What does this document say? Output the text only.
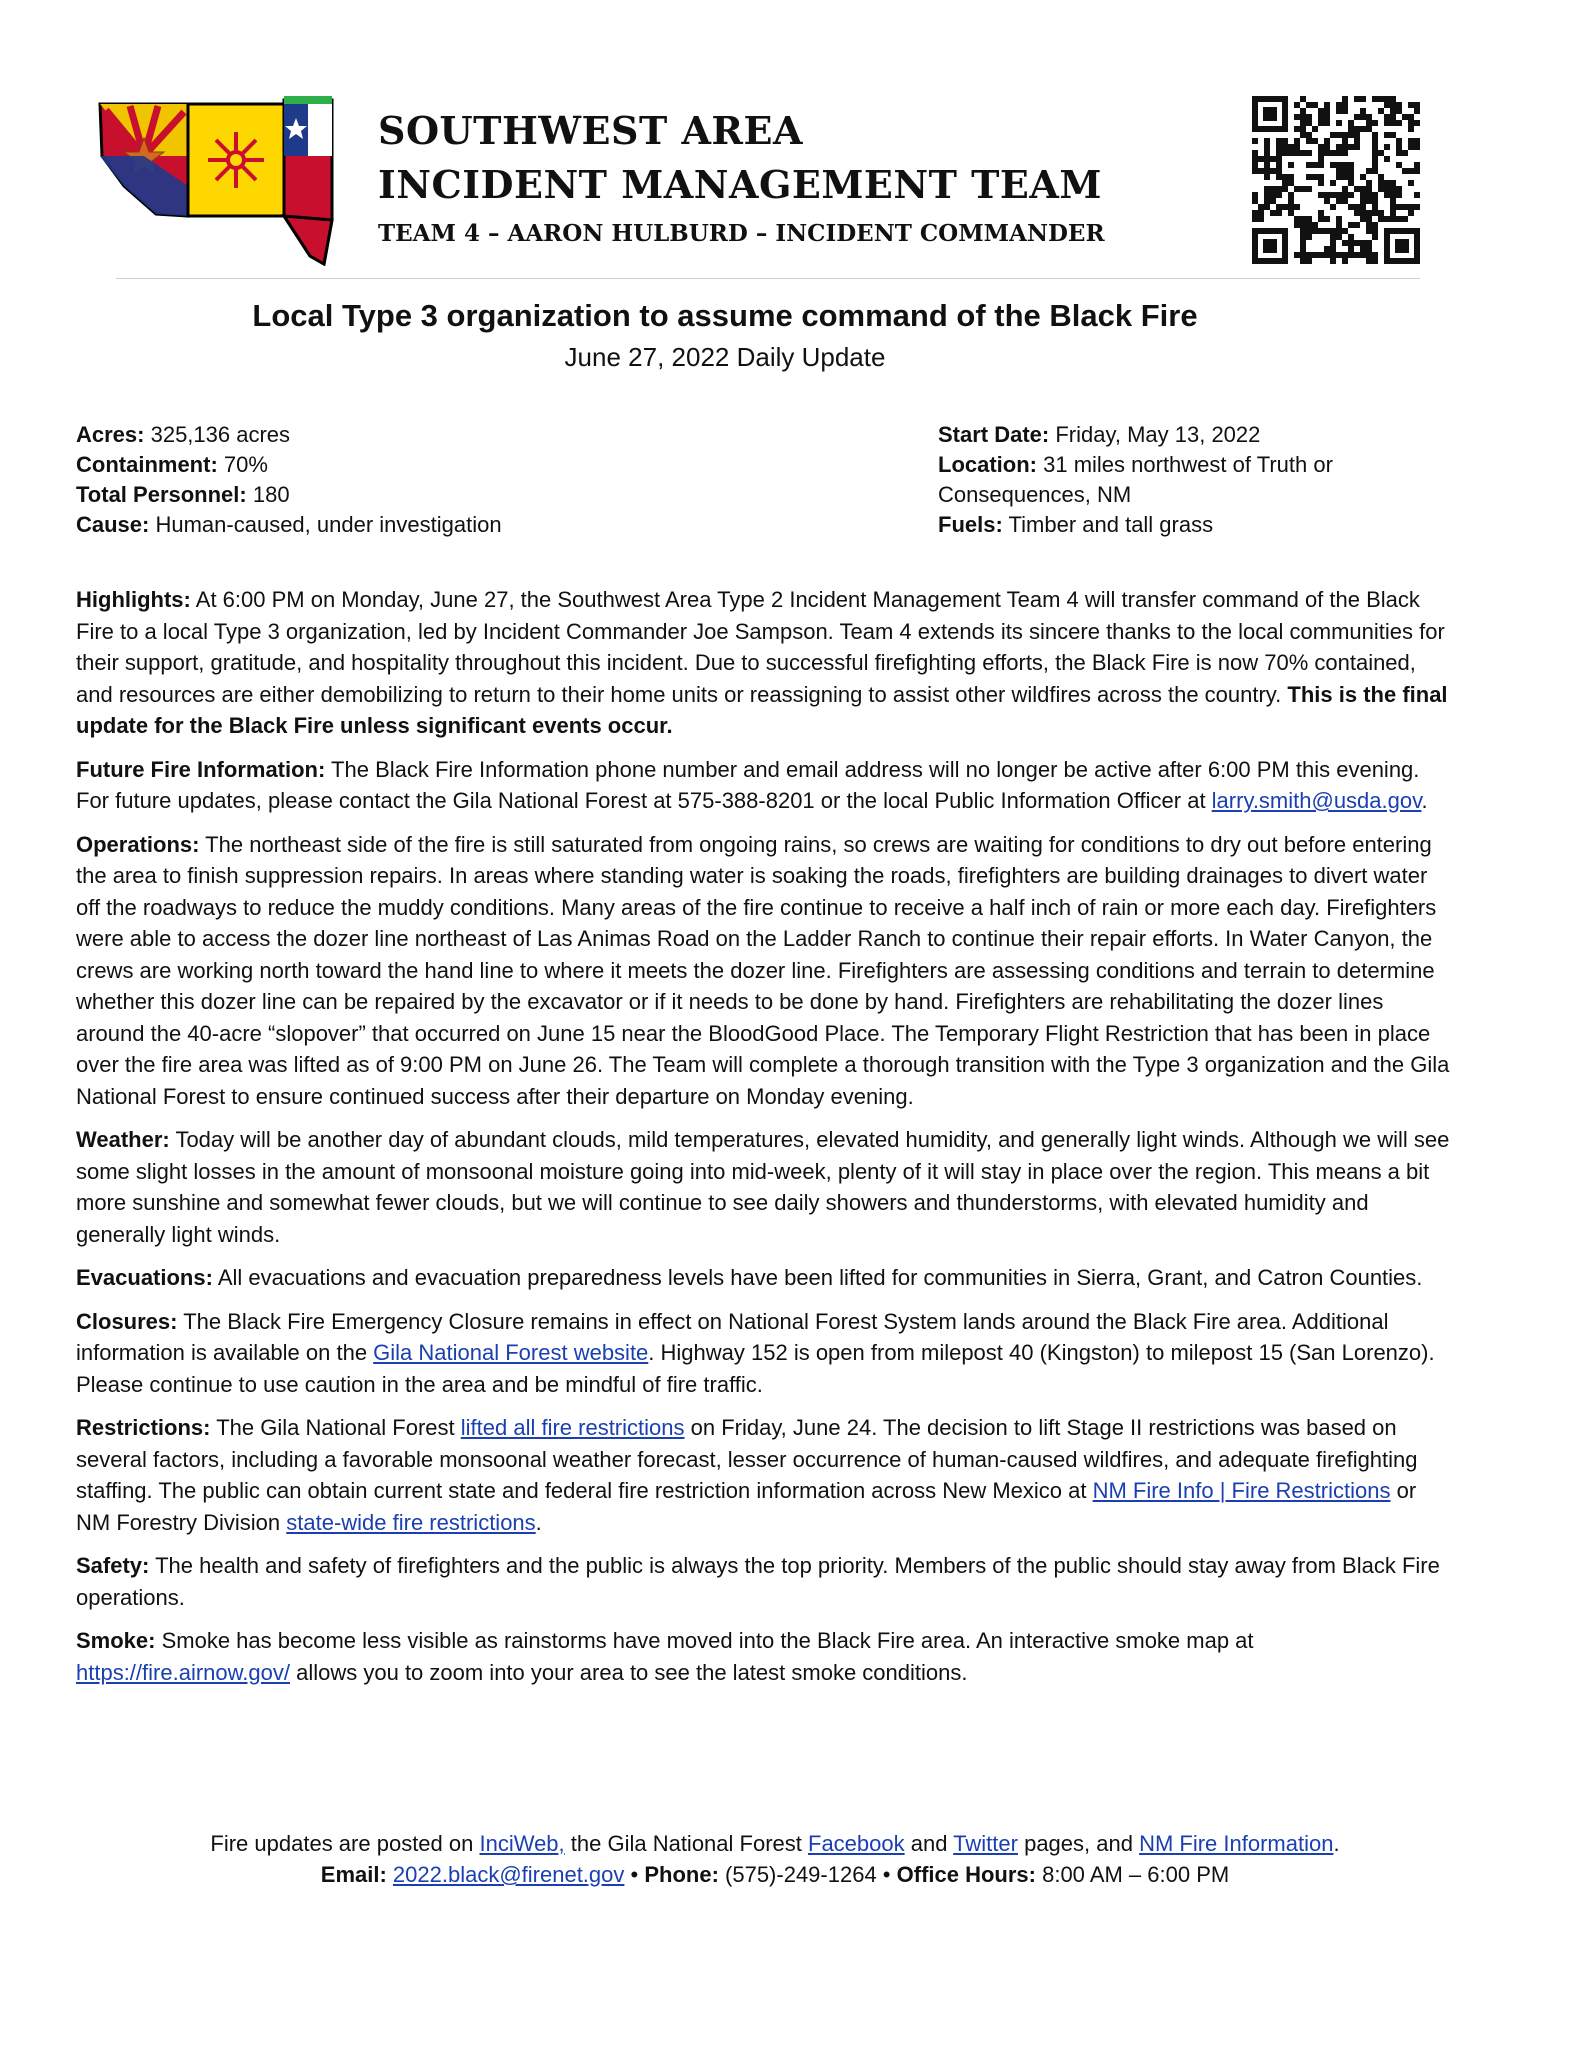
SOUTHWEST AREA
INCIDENT MANAGEMENT TEAM
TEAM 4 – AARON HULBURD – INCIDENT COMMANDER
Local Type 3 organization to assume command of the Black Fire
June 27, 2022 Daily Update
Acres: 325,136 acres
Containment: 70%
Total Personnel: 180
Cause: Human-caused, under investigation
Start Date: Friday, May 13, 2022
Location: 31 miles northwest of Truth or Consequences, NM
Fuels: Timber and tall grass

Highlights: At 6:00 PM on Monday, June 27, the Southwest Area Type 2 Incident Management Team 4 will transfer command of the Black Fire to a local Type 3 organization, led by Incident Commander Joe Sampson. Team 4 extends its sincere thanks to the local communities for their support, gratitude, and hospitality throughout this incident. Due to successful firefighting efforts, the Black Fire is now 70% contained, and resources are either demobilizing to return to their home units or reassigning to assist other wildfires across the country. This is the final update for the Black Fire unless significant events occur.

Future Fire Information: The Black Fire Information phone number and email address will no longer be active after 6:00 PM this evening. For future updates, please contact the Gila National Forest at 575-388-8201 or the local Public Information Officer at larry.smith@usda.gov.

Operations: The northeast side of the fire is still saturated from ongoing rains, so crews are waiting for conditions to dry out before entering the area to finish suppression repairs. In areas where standing water is soaking the roads, firefighters are building drainages to divert water off the roadways to reduce the muddy conditions. Many areas of the fire continue to receive a half inch of rain or more each day. Firefighters were able to access the dozer line northeast of Las Animas Road on the Ladder Ranch to continue their repair efforts. In Water Canyon, the crews are working north toward the hand line to where it meets the dozer line. Firefighters are assessing conditions and terrain to determine whether this dozer line can be repaired by the excavator or if it needs to be done by hand. Firefighters are rehabilitating the dozer lines around the 40-acre “slopover” that occurred on June 15 near the BloodGood Place. The Temporary Flight Restriction that has been in place over the fire area was lifted as of 9:00 PM on June 26. The Team will complete a thorough transition with the Type 3 organization and the Gila National Forest to ensure continued success after their departure on Monday evening.

Weather: Today will be another day of abundant clouds, mild temperatures, elevated humidity, and generally light winds. Although we will see some slight losses in the amount of monsoonal moisture going into mid-week, plenty of it will stay in place over the region. This means a bit more sunshine and somewhat fewer clouds, but we will continue to see daily showers and thunderstorms, with elevated humidity and generally light winds.

Evacuations: All evacuations and evacuation preparedness levels have been lifted for communities in Sierra, Grant, and Catron Counties.

Closures: The Black Fire Emergency Closure remains in effect on National Forest System lands around the Black Fire area. Additional information is available on the Gila National Forest website. Highway 152 is open from milepost 40 (Kingston) to milepost 15 (San Lorenzo). Please continue to use caution in the area and be mindful of fire traffic.

Restrictions: The Gila National Forest lifted all fire restrictions on Friday, June 24. The decision to lift Stage II restrictions was based on several factors, including a favorable monsoonal weather forecast, lesser occurrence of human-caused wildfires, and adequate firefighting staffing. The public can obtain current state and federal fire restriction information across New Mexico at NM Fire Info | Fire Restrictions or NM Forestry Division state-wide fire restrictions.

Safety: The health and safety of firefighters and the public is always the top priority. Members of the public should stay away from Black Fire operations.

Smoke: Smoke has become less visible as rainstorms have moved into the Black Fire area. An interactive smoke map at https://fire.airnow.gov/ allows you to zoom into your area to see the latest smoke conditions.

Fire updates are posted on InciWeb, the Gila National Forest Facebook and Twitter pages, and NM Fire Information.
Email: 2022.black@firenet.gov • Phone: (575)-249-1264 • Office Hours: 8:00 AM – 6:00 PM
